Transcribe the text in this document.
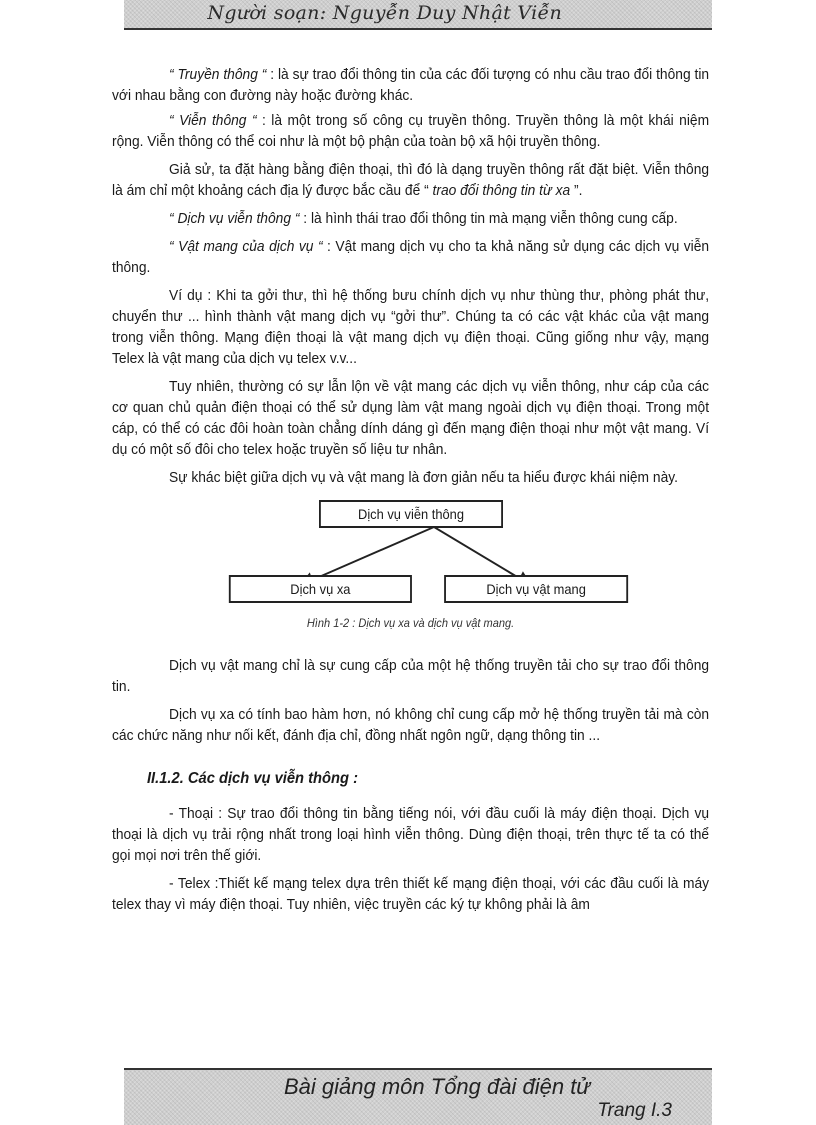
Người soạn: Nguyễn Duy Nhật Viễn

“ Truyền thông “ : là sự trao đổi thông tin của các đối tượng có nhu cầu trao đổi thông tin với nhau bằng con đường này hoặc đường khác.

“ Viễn thông “ : là một trong số công cụ truyền thông. Truyền thông là một khái niệm rộng. Viễn thông có thể coi như là một bộ phận của toàn bộ xã hội truyền thông.

Giả sử, ta đặt hàng bằng điện thoại, thì đó là dạng truyền thông rất đặt biệt. Viễn thông là ám chỉ một khoảng cách địa lý được bắc cầu để “ trao đổi thông tin từ xa ”.

“ Dịch vụ viễn thông “ : là hình thái trao đổi thông tin mà mạng viễn thông cung cấp.

“ Vật mang của dịch vụ “ : Vật mang dịch vụ cho ta khả năng sử dụng các dịch vụ viễn thông.

Ví dụ : Khi ta gởi thư, thì hệ thống bưu chính dịch vụ như thùng thư, phòng phát thư, chuyển thư ... hình thành vật mang dịch vụ “gởi thư”. Chúng ta có các vật khác của vật mang trong viễn thông. Mạng điện thoại là vật mang dịch vụ điện thoại. Cũng giống như vậy, mạng Telex là vật mang của dịch vụ telex v.v...

Tuy nhiên, thường có sự lẫn lộn về vật mang các dịch vụ viễn thông, như cáp của các cơ quan chủ quản điện thoại có thể sử dụng làm vật mang ngoài dịch vụ điện thoại. Trong một cáp, có thể có các đôi hoàn toàn chẳng dính dáng gì đến mạng điện thoại như một vật mang. Ví dụ có một số đôi cho telex hoặc truyền số liệu tư nhân.

Sự khác biệt giữa dịch vụ và vật mang là đơn giản nếu ta hiểu được khái niệm này.

Dịch vụ viễn thông
Dịch vụ xa	Dịch vụ vật mang
Hình 1-2 : Dịch vụ xa và dịch vụ vật mang.

Dịch vụ vật mang chỉ là sự cung cấp của một hệ thống truyền tải cho sự trao đổi thông tin.

Dịch vụ xa có tính bao hàm hơn, nó không chỉ cung cấp mở hệ thống truyền tải mà còn các chức năng như nối kết, đánh địa chỉ, đồng nhất ngôn ngữ, dạng thông tin ...

II.1.2. Các dịch vụ viễn thông :

- Thoại : Sự trao đổi thông tin bằng tiếng nói, với đầu cuối là máy điện thoại. Dịch vụ thoại là dịch vụ trải rộng nhất trong loại hình viễn thông. Dùng điện thoại, trên thực tế ta có thể gọi mọi nơi trên thế giới.

- Telex :Thiết kế mạng telex dựa trên thiết kế mạng điện thoại, với các đầu cuối là máy telex thay vì máy điện thoại. Tuy nhiên, việc truyền các ký tự không phải là âm

Bài giảng môn Tổng đài điện tử
Trang I.3
